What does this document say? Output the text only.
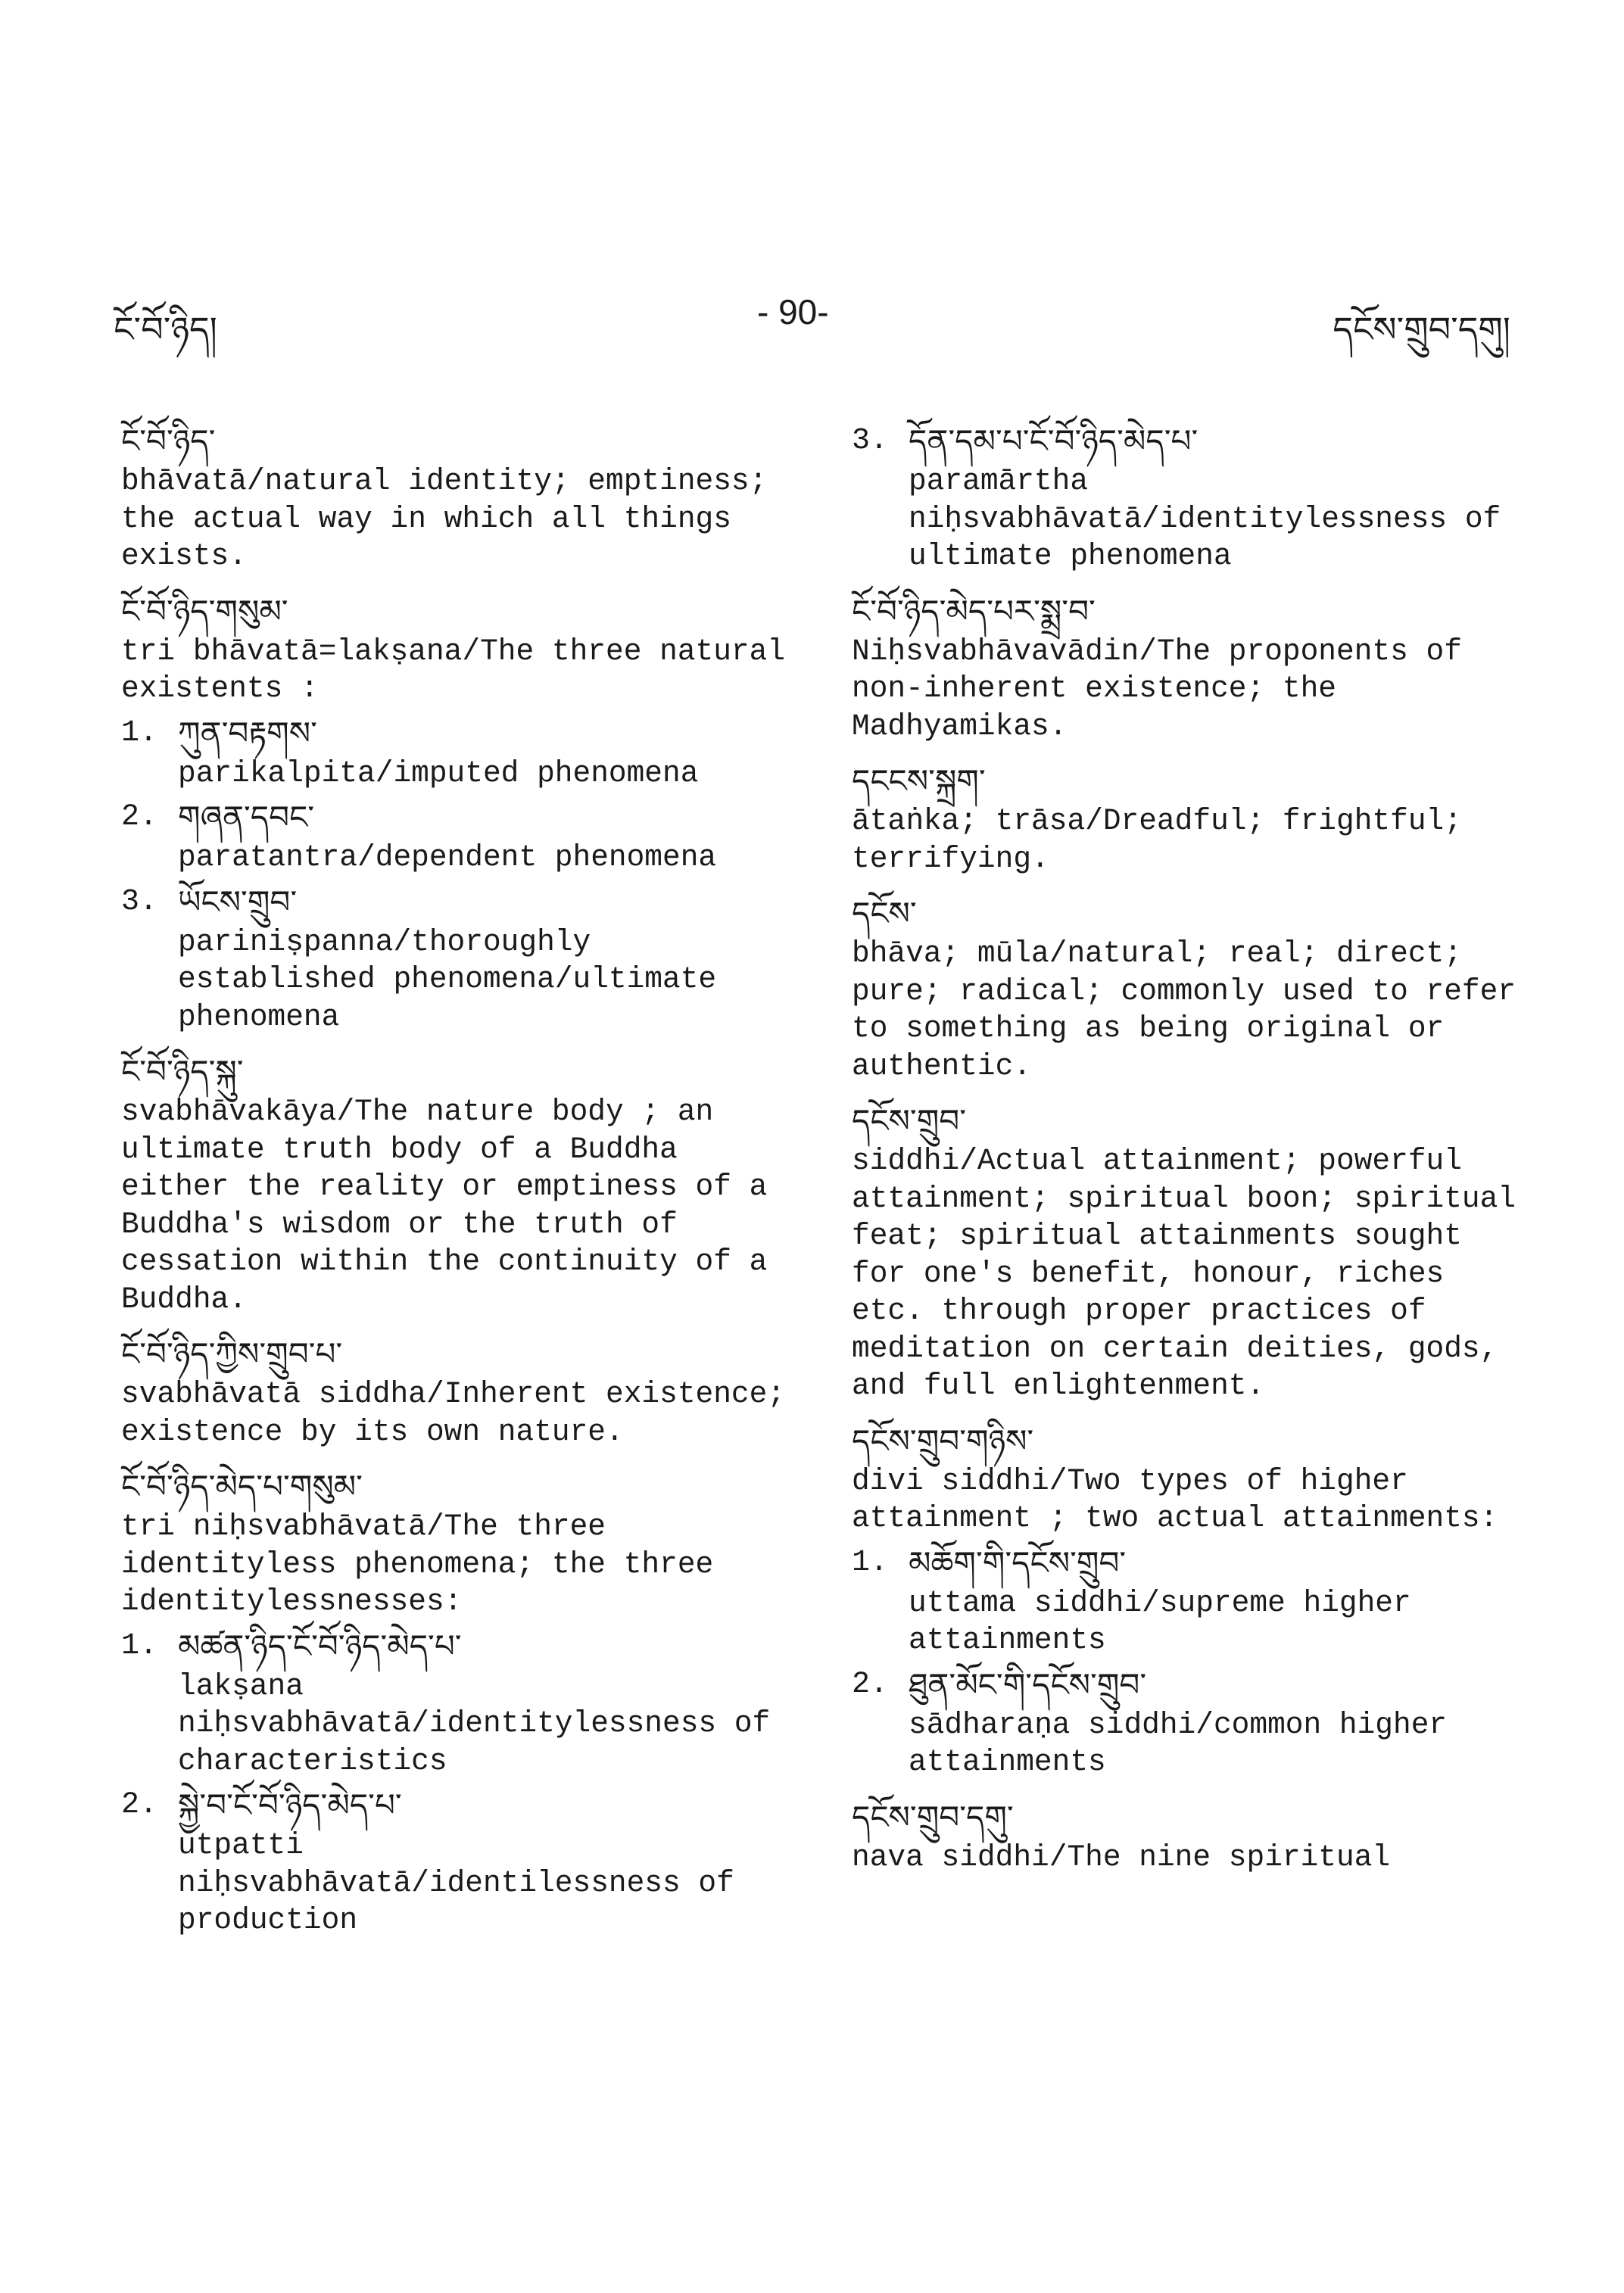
ངོ་བོ་ཉིད།
- 90-
དངོས་གྲུབ་དགུ།
ངོ་བོ་ཉིད་
bhāvatā/natural identity; emptiness; the actual way in which all things exists.
ངོ་བོ་ཉིད་གསུམ་
tri bhāvatā=lakṣana/The three natural existents :
1. ཀུན་བརྟགས་
parikalpita/imputed phenomena
2. གཞན་དབང་
paratantra/dependent phenomena
3. ཡོངས་གྲུབ་
pariniṣpanna/thoroughly established phenomena/ultimate phenomena
ངོ་བོ་ཉིད་སྐུ་
svabhāvakāya/The nature body ; an ultimate truth body of a Buddha either the reality or emptiness of a Buddha's wisdom or the truth of cessation within the continuity of a Buddha.
ངོ་བོ་ཉིད་ཀྱིས་གྲུབ་པ་
svabhāvatā siddha/Inherent existence; existence by its own nature.
ངོ་བོ་ཉིད་མེད་པ་གསུམ་
tri niḥsvabhāvatā/The three identityless phenomena; the three identitylessnesses:
1. མཚན་ཉིད་ངོ་བོ་ཉིད་མེད་པ་
lakṣana niḥsvabhāvatā/identitylessness of characteristics
2. སྐྱེ་བ་ངོ་བོ་ཉིད་མེད་པ་
utpatti niḥsvabhāvatā/identilessness of production
3. དོན་དམ་པ་ངོ་བོ་ཉིད་མེད་པ་
paramārtha niḥsvabhāvatā/identitylessness of ultimate phenomena
ངོ་བོ་ཉིད་མེད་པར་སྨྲ་བ་
Niḥsvabhāvavādin/The proponents of non-inherent existence; the Madhyamikas.
དངངས་སྐྲག་
ātaṅka; trāsa/Dreadful; frightful; terrifying.
དངོས་
bhāva; mūla/natural; real; direct; pure; radical; commonly used to refer to something as being original or authentic.
དངོས་གྲུབ་
siddhi/Actual attainment; powerful attainment; spiritual boon; spiritual feat; spiritual attainments sought for one's benefit, honour, riches etc. through proper practices of meditation on certain deities, gods, and full enlightenment.
དངོས་གྲུབ་གཉིས་
divi siddhi/Two types of higher attainment ; two actual attainments:
1. མཆོག་གི་དངོས་གྲུབ་
uttama siddhi/supreme higher attainments
2. ཐུན་མོང་གི་དངོས་གྲུབ་
sādharaṇa siddhi/common higher attainments
དངོས་གྲུབ་དགུ་
nava siddhi/The nine spiritual
